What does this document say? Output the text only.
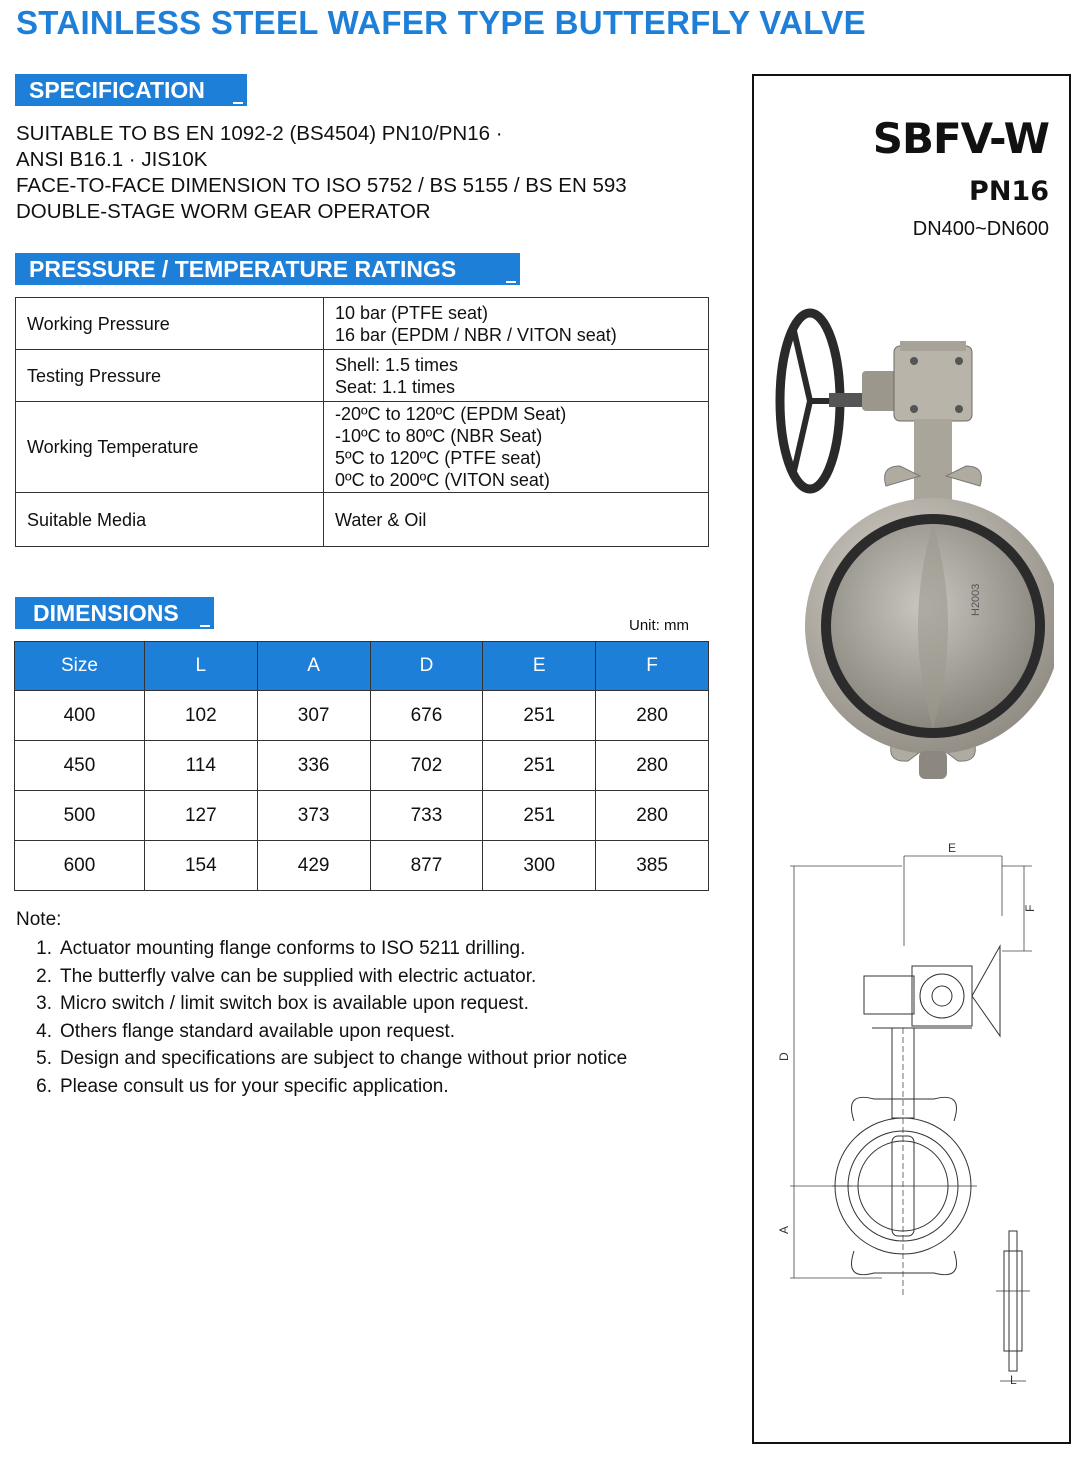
STAINLESS STEEL WAFER TYPE BUTTERFLY VALVE
SPECIFICATION
SUITABLE TO BS EN 1092-2 (BS4504) PN10/PN16 ·
ANSI B16.1 · JIS10K
FACE-TO-FACE DIMENSION TO ISO 5752 / BS 5155 / BS EN 593
DOUBLE-STAGE WORM GEAR OPERATOR
PRESSURE / TEMPERATURE RATINGS
Working Pressure	10 bar (PTFE seat)
16 bar (EPDM / NBR / VITON seat)

Testing Pressure	Shell: 1.5 times
Seat: 1.1 times

Working Temperature	-20ºC to 120ºC (EPDM Seat)
-10ºC to 80ºC (NBR Seat)
5ºC to 120ºC (PTFE seat)
0ºC to 200ºC (VITON seat)

Suitable Media	Water & Oil
DIMENSIONS	Unit: mm
Size	L	A	D	E	F
400	102	307	676	251	280
450	114	336	702	251	280
500	127	373	733	251	280
600	154	429	877	300	385
Note:
1. Actuator mounting flange conforms to ISO 5211 drilling.
2. The butterfly valve can be supplied with electric actuator.
3. Micro switch / limit switch box is available upon request.
4. Others flange standard available upon request.
5. Design and specifications are subject to change without prior notice
6. Please consult us for your specific application.
SBFV-W
PN16
DN400~DN600
H2003
E
F
D
A
L
